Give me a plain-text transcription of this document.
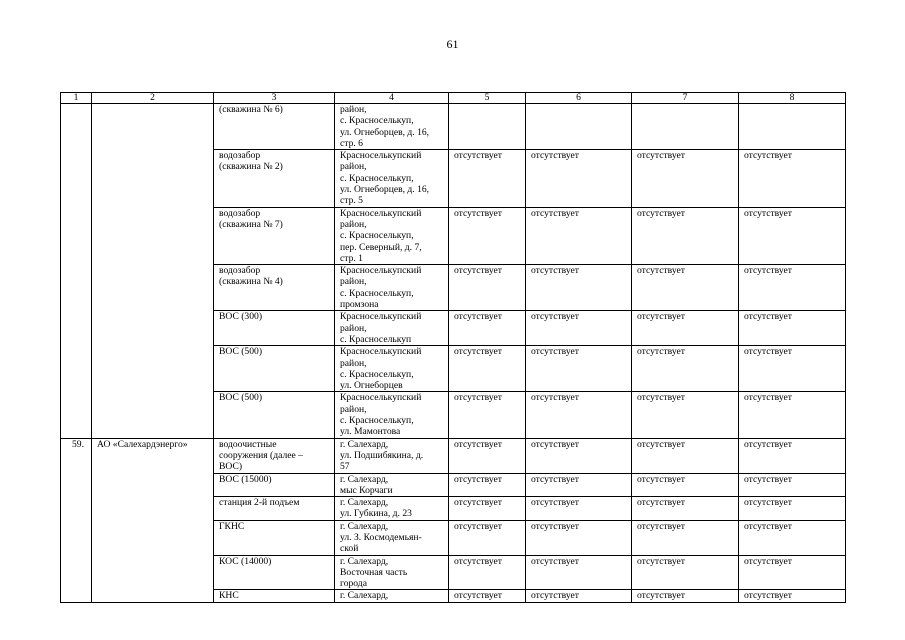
61
1	2	3	4	5	6	7	8
		(скважина № 6)	район,
с. Красноселькуп,
ул. Огнеборцев, д. 16,
стр. 6				
		водозабор
(скважина № 2)	Красноселькупский
район,
с. Красноселькуп,
ул. Огнеборцев, д. 16,
стр. 5	отсутствует	отсутствует	отсутствует	отсутствует
		водозабор
(скважина № 7)	Красноселькупский
район,
с. Красноселькуп,
пер. Северный, д. 7,
стр. 1	отсутствует	отсутствует	отсутствует	отсутствует
		водозабор
(скважина № 4)	Красноселькупский
район,
с. Красноселькуп,
промзона	отсутствует	отсутствует	отсутствует	отсутствует
		ВОС (300)	Красноселькупский
район,
с. Красноселькуп	отсутствует	отсутствует	отсутствует	отсутствует
		ВОС (500)	Красноселькупский
район,
с. Красноселькуп,
ул. Огнеборцев	отсутствует	отсутствует	отсутствует	отсутствует
		ВОС (500)	Красноселькупский
район,
с. Красноселькуп,
ул. Мамонтова	отсутствует	отсутствует	отсутствует	отсутствует
59.	АО «Салехардэнерго»	водоочистные
сооружения (далее –
ВОС)	г. Салехард,
ул. Подшибякина, д.
57	отсутствует	отсутствует	отсутствует	отсутствует
		ВОС (15000)	г. Салехард,
мыс Корчаги	отсутствует	отсутствует	отсутствует	отсутствует
		станция 2-й подъем	г. Салехард,
ул. Губкина, д. 23	отсутствует	отсутствует	отсутствует	отсутствует
		ГКНС	г. Салехард,
ул. З. Космодемьян-
ской	отсутствует	отсутствует	отсутствует	отсутствует
		КОС (14000)	г. Салехард,
Восточная часть
города	отсутствует	отсутствует	отсутствует	отсутствует
		КНС	г. Салехард,	отсутствует	отсутствует	отсутствует	отсутствует
